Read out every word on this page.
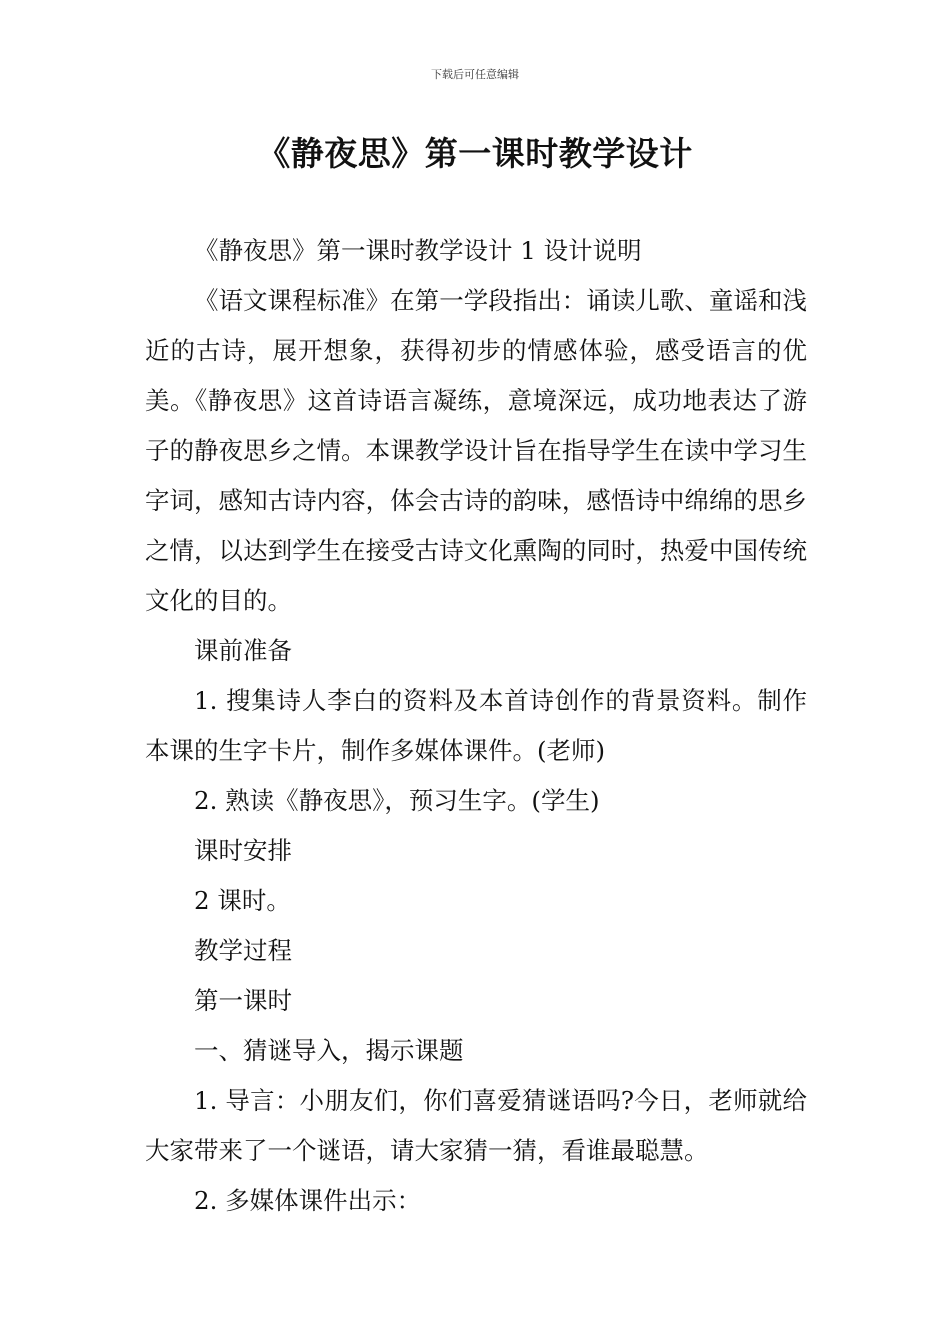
下载后可任意编辑
《静夜思》第一课时教学设计

《静夜思》第一课时教学设计 1 设计说明

《语文课程标准》在第一学段指出：诵读儿歌、童谣和浅近的古诗，展开想象，获得初步的情感体验，感受语言的优美。《静夜思》这首诗语言凝练，意境深远，成功地表达了游子的静夜思乡之情。本课教学设计旨在指导学生在读中学习生字词，感知古诗内容，体会古诗的韵味，感悟诗中绵绵的思乡之情，以达到学生在接受古诗文化熏陶的同时，热爱中国传统文化的目的。

课前准备

1. 搜集诗人李白的资料及本首诗创作的背景资料。制作本课的生字卡片，制作多媒体课件。(老师)

2. 熟读《静夜思》，预习生字。(学生)

课时安排

2 课时。

教学过程

第一课时

一、猜谜导入，揭示课题

1. 导言：小朋友们，你们喜爱猜谜语吗?今日，老师就给大家带来了一个谜语，请大家猜一猜，看谁最聪慧。

2. 多媒体课件出示：
